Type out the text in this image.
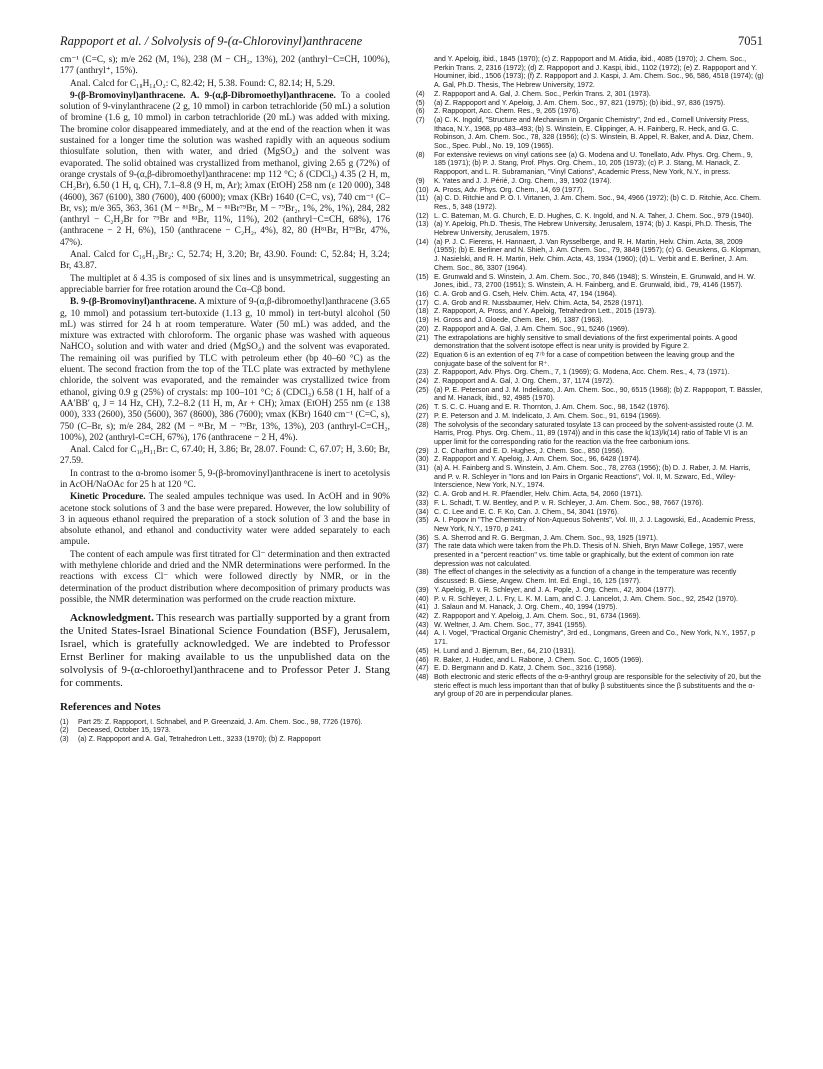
Rappoport et al. / Solvolysis of 9-(α-Chlorovinyl)anthracene	7051

cm⁻¹ (C=C, s); m/e 262 (M, 1%), 238 (M − CH₂, 13%), 202 (anthryl−C≡CH, 100%), 177 (anthryl⁺, 15%).

Anal. Calcd for C₁₈H₁₄O₂: C, 82.42; H, 5.38. Found: C, 82.14; H, 5.29.

9-(β-Bromovinyl)anthracene. A. 9-(α,β-Dibromoethyl)anthracene. To a cooled solution of 9-vinylanthracene (2 g, 10 mmol) in carbon tetrachloride (50 mL) a solution of bromine (1.6 g, 10 mmol) in carbon tetrachloride (20 mL) was added with mixing. The bromine color disappeared immediately, and at the end of the reaction when it was sustained for a longer time the solution was washed rapidly with an aqueous sodium thiosulfate solution, then with water, and dried (MgSO₄) and the solvent was evaporated. The solid obtained was crystallized from methanol, giving 2.65 g (72%) of orange crystals of 9-(α,β-dibromoethyl)anthracene: mp 112 °C; δ (CDCl₃) 4.35 (2 H, m, CH₂Br), 6.50 (1 H, q, CH), 7.1–8.8 (9 H, m, Ar); λmax (EtOH) 258 nm (ε 120 000), 348 (4600), 367 (6100), 380 (7600), 400 (6000); νmax (KBr) 1640 (C=C, vs), 740 cm⁻¹ (C–Br, vs); m/e 365, 363, 361 (M − ⁸¹Br₂, M − ⁸¹Br⁷⁹Br, M − ⁷⁹Br₂, 1%, 2%, 1%), 284, 282 (anthryl − C₂H₂Br for ⁷⁹Br and ⁸¹Br, 11%, 11%), 202 (anthryl−C≡CH, 68%), 176 (anthracene − 2 H, 6%), 150 (anthracene − C₂H₂, 4%), 82, 80 (H⁸¹Br, H⁷⁹Br, 47%, 47%).

Anal. Calcd for C₁₆H₁₂Br₂: C, 52.74; H, 3.20; Br, 43.90. Found: C, 52.84; H, 3.24; Br, 43.87.

The multiplet at δ 4.35 is composed of six lines and is unsymmetrical, suggesting an appreciable barrier for free rotation around the Cα–Cβ bond.

B. 9-(β-Bromovinyl)anthracene. A mixture of 9-(α,β-dibromoethyl)anthracene (3.65 g, 10 mmol) and potassium tert-butoxide (1.13 g, 10 mmol) in tert-butyl alcohol (50 mL) was stirred for 24 h at room temperature. Water (50 mL) was added, and the mixture was extracted with chloroform. The organic phase was washed with aqueous NaHCO₃ solution and with water and dried (MgSO₄) and the solvent was evaporated. The remaining oil was purified by TLC with petroleum ether (bp 40–60 °C) as the eluent. The second fraction from the top of the TLC plate was extracted by methylene chloride, the solvent was evaporated, and the remainder was crystallized twice from ethanol, giving 0.9 g (25%) of crystals: mp 100–101 °C; δ (CDCl₃) 6.58 (1 H, half of a AA′BB′ q, J = 14 Hz, CH), 7.2–8.2 (11 H, m, Ar + CH); λmax (EtOH) 255 nm (ε 138 000), 333 (2600), 350 (5600), 367 (8600), 386 (7600); νmax (KBr) 1640 cm⁻¹ (C=C, s), 750 (C–Br, s); m/e 284, 282 (M − ⁸¹Br, M − ⁷⁹Br, 13%, 13%), 203 (anthryl-C≡CH₂, 100%), 202 (anthryl-C≡CH, 67%), 176 (anthracene − 2 H, 4%).

Anal. Calcd for C₁₆H₁₁Br: C, 67.40; H, 3.86; Br, 28.07. Found: C, 67.07; H, 3.60; Br, 27.59.

In contrast to the α-bromo isomer 5, 9-(β-bromovinyl)anthracene is inert to acetolysis in AcOH/NaOAc for 25 h at 120 °C.

Kinetic Procedure. The sealed ampules technique was used. In AcOH and in 90% acetone stock solutions of 3 and the base were prepared. However, the low solubility of 3 in aqueous ethanol required the preparation of a stock solution of 3 and the base in absolute ethanol, and ethanol and conductivity water were added separately to each ampule.

The content of each ampule was first titrated for Cl⁻ determination and then extracted with methylene chloride and dried and the NMR determinations were performed. In the reactions with excess Cl⁻ which were followed directly by NMR, or in the determination of the product distribution where decomposition of primary products was possible, the NMR determination was performed on the crude reaction mixture.

Acknowledgment. This research was partially supported by a grant from the United States-Israel Binational Science Foundation (BSF), Jerusalem, Israel, which is gratefully acknowledged. We are indebted to Professor Ernst Berliner for making available to us the unpublished data on the solvolysis of 9-(α-chloroethyl)anthracene and to Professor Peter J. Stang for comments.

References and Notes
(1)	Part 25: Z. Rappoport, I. Schnabel, and P. Greenzaid, J. Am. Chem. Soc., 98, 7726 (1976).
(2)	Deceased, October 15, 1973.
(3)	(a) Z. Rappoport and A. Gal, Tetrahedron Lett., 3233 (1970); (b) Z. Rappoport
and Y. Apeloig, ibid., 1845 (1970); (c) Z. Rappoport and M. Atidia, ibid., 4085 (1970); J. Chem. Soc., Perkin Trans. 2, 2316 (1972); (d) Z. Rappoport and J. Kaspi, ibid., 1102 (1972); (e) Z. Rappoport and Y. Houminer, ibid., 1506 (1973); (f) Z. Rappoport and J. Kaspi, J. Am. Chem. Soc., 96, 586, 4518 (1974); (g) A. Gal, Ph.D. Thesis, The Hebrew University, 1972.
(4)	Z. Rappoport and A. Gal, J. Chem. Soc., Perkin Trans. 2, 301 (1973).
(5)	(a) Z. Rappoport and Y. Apeloig, J. Am. Chem. Soc., 97, 821 (1975); (b) ibid., 97, 836 (1975).
(6)	Z. Rappoport, Acc. Chem. Res., 9, 265 (1976).
(7)	(a) C. K. Ingold, "Structure and Mechanism in Organic Chemistry", 2nd ed., Cornell University Press, Ithaca, N.Y., 1968, pp 483–493; (b) S. Winstein, E. Clippinger, A. H. Fainberg, R. Heck, and G. C. Robinson, J. Am. Chem. Soc., 78, 328 (1956); (c) S. Winstein, B. Appel, R. Baker, and A. Diaz, Chem. Soc., Spec. Publ., No. 19, 109 (1965).
(8)	For extensive reviews on vinyl cations see (a) G. Modena and U. Tonellato, Adv. Phys. Org. Chem., 9, 185 (1971); (b) P. J. Stang, Prof. Phys. Org. Chem., 10, 205 (1973); (c) P. J. Stang, M. Hanack, Z. Rappoport, and L. R. Subramanian, "Vinyl Cations", Academic Press, New York, N.Y., in press.
(9)	K. Yates and J. J. Périé, J. Org. Chem., 39, 1902 (1974).
(10) A. Pross, Adv. Phys. Org. Chem., 14, 69 (1977).
(11) (a) C. D. Ritchie and P. O. I. Virtanen, J. Am. Chem. Soc., 94, 4966 (1972); (b) C. D. Ritchie, Acc. Chem. Res., 5, 348 (1972).
(12) L. C. Bateman, M. G. Church, E. D. Hughes, C. K. Ingold, and N. A. Taher, J. Chem. Soc., 979 (1940).
(13) (a) Y. Apeloig, Ph.D. Thesis, The Hebrew University, Jerusalem, 1974; (b) J. Kaspi, Ph.D. Thesis, The Hebrew University, Jerusalem, 1975.
(14) (a) P. J. C. Fierens, H. Hannaert, J. Van Rysselberge, and R. H. Martin, Helv. Chim. Acta, 38, 2009 (1955); (b) E. Berliner and N. Shieh, J. Am. Chem. Soc., 79, 3849 (1957); (c) G. Geuskens, G. Klopman, J. Nasielski, and R. H. Martin, Helv. Chim. Acta, 43, 1934 (1960); (d) L. Verbit and E. Berliner, J. Am. Chem. Soc., 86, 3307 (1964).
(15) E. Grunwald and S. Winstein, J. Am. Chem. Soc., 70, 846 (1948); S. Winstein, E. Grunwald, and H. W. Jones, ibid., 73, 2700 (1951); S. Winstein, A. H. Fainberg, and E. Grunwald, ibid., 79, 4146 (1957).
(16) C. A. Grob and G. Cseh, Helv. Chim. Acta, 47, 194 (1964).
(17) C. A. Grob and R. Nussbaumer, Helv. Chim. Acta, 54, 2528 (1971).
(18) Z. Rappoport, A. Pross, and Y. Apeloig, Tetrahedron Lett., 2015 (1973).
(19) H. Gross and J. Gloede, Chem. Ber., 96, 1387 (1963).
(20) Z. Rappoport and A. Gal, J. Am. Chem. Soc., 91, 5246 (1969).
(21) The extrapolations are highly sensitive to small deviations of the first experimental points. A good demonstration that the solvent isotope effect is near unity is provided by Figure 2.
(22) Equation 6 is an extention of eq 7⁷ᵇ for a case of competition between the leaving group and the conjugate base of the solvent for R⁺.
(23) Z. Rappoport, Adv. Phys. Org. Chem., 7, 1 (1969); G. Modena, Acc. Chem. Res., 4, 73 (1971).
(24) Z. Rappoport and A. Gal, J. Org. Chem., 37, 1174 (1972).
(25) (a) P. E. Peterson and J. M. Indelicato, J. Am. Chem. Soc., 90, 6515 (1968); (b) Z. Rappoport, T. Bässler, and M. Hanack, ibid., 92, 4985 (1970).
(26) T. S. C. C. Huang and E. R. Thornton, J. Am. Chem. Soc., 98, 1542 (1976).
(27) P. E. Peterson and J. M. Indelicato, J. Am. Chem. Soc., 91, 6194 (1969).
(28) The solvolysis of the secondary saturated tosylate 13 can proceed by the solvent-assisted route (J. M. Harris, Prog. Phys. Org. Chem., 11, 89 (1974)) and in this case the k(13)/k(14) ratio of Table VI is an upper limit for the corresponding ratio for the reaction via the free carbonium ions.
(29) J. C. Charlton and E. D. Hughes, J. Chem. Soc., 850 (1956).
(30) Z. Rappoport and Y. Apeloig, J. Am. Chem. Soc., 96, 6428 (1974).
(31) (a) A. H. Fainberg and S. Winstein, J. Am. Chem. Soc., 78, 2763 (1956); (b) D. J. Raber, J. M. Harris, and P. v. R. Schleyer in "Ions and Ion Pairs in Organic Reactions", Vol. II, M. Szwarc, Ed., Wiley-Interscience, New York, N.Y., 1974.
(32) C. A. Grob and H. R. Pfaendler, Helv. Chim. Acta, 54, 2060 (1971).
(33) F. L. Schadt, T. W. Bentley, and P. v. R. Schleyer, J. Am. Chem. Soc., 98, 7667 (1976).
(34) C. C. Lee and E. C. F. Ko, Can. J. Chem., 54, 3041 (1976).
(35) A. I. Popov in "The Chemistry of Non-Aqueous Solvents", Vol. III, J. J. Lagowski, Ed., Academic Press, New York, N.Y., 1970, p 241.
(36) S. A. Sherrod and R. G. Bergman, J. Am. Chem. Soc., 93, 1925 (1971).
(37) The rate data which were taken from the Ph.D. Thesis of N. Shieh, Bryn Mawr College, 1957, were presented in a "percent reaction" vs. time table or graphically, but the extent of common ion rate depression was not calculated.
(38) The effect of changes in the selectivity as a function of a change in the temperature was recently discussed: B. Giese, Angew. Chem. Int. Ed. Engl., 16, 125 (1977).
(39) Y. Apeloig, P. v. R. Schleyer, and J. A. Pople, J. Org. Chem., 42, 3004 (1977).
(40) P. v. R. Schleyer, J. L. Fry, L. K. M. Lam, and C. J. Lancelot, J. Am. Chem. Soc., 92, 2542 (1970).
(41) J. Salaun and M. Hanack, J. Org. Chem., 40, 1994 (1975).
(42) Z. Rappoport and Y. Apeloig, J. Am. Chem. Soc., 91, 6734 (1969).
(43) W. Weltner, J. Am. Chem. Soc., 77, 3941 (1955).
(44) A. I. Vogel, "Practical Organic Chemistry", 3rd ed., Longmans, Green and Co., New York, N.Y., 1957, p 171.
(45) H. Lund and J. Bjerrum, Ber., 64, 210 (1931).
(46) R. Baker, J. Hudec, and L. Rabone, J. Chem. Soc. C, 1605 (1969).
(47) E. D. Bergmann and D. Katz, J. Chem. Soc., 3216 (1958).
(48) Both electronic and steric effects of the α-9-anthryl group are responsible for the selectivity of 20, but the steric effect is much less important than that of bulky β substituents since the β substituents and the α-aryl group of 20 are in perpendicular planes.
